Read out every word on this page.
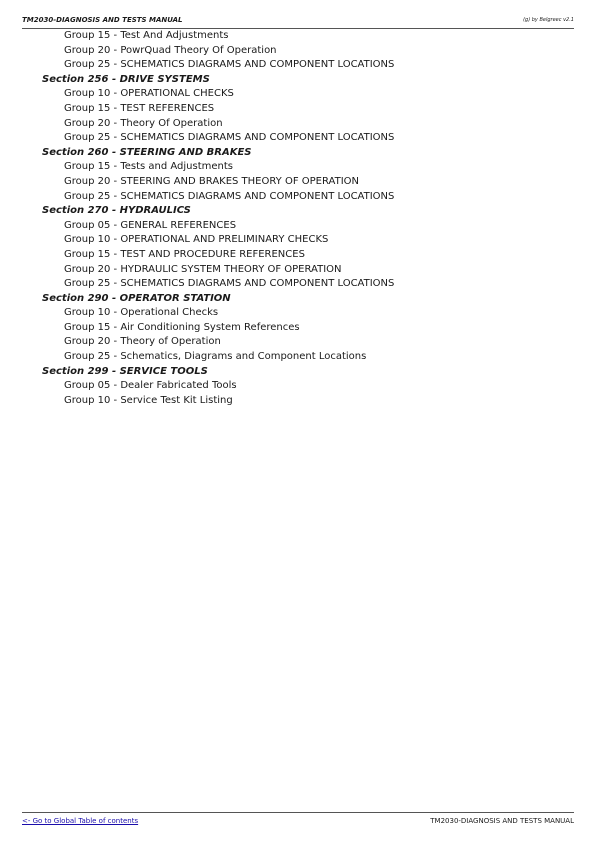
TM2030-DIAGNOSIS AND TESTS MANUAL	(g) by Belgreec v2.1
Group 15 - Test And Adjustments
Group 20 - PowrQuad Theory Of Operation
Group 25 - SCHEMATICS DIAGRAMS AND COMPONENT LOCATIONS
Section 256 - DRIVE SYSTEMS
Group 10 - OPERATIONAL CHECKS
Group 15 - TEST REFERENCES
Group 20 - Theory Of Operation
Group 25 - SCHEMATICS DIAGRAMS AND COMPONENT LOCATIONS
Section 260 - STEERING AND BRAKES
Group 15 - Tests and Adjustments
Group 20 - STEERING AND BRAKES THEORY OF OPERATION
Group 25 - SCHEMATICS DIAGRAMS AND COMPONENT LOCATIONS
Section 270 - HYDRAULICS
Group 05 - GENERAL REFERENCES
Group 10 - OPERATIONAL AND PRELIMINARY CHECKS
Group 15 - TEST AND PROCEDURE REFERENCES
Group 20 - HYDRAULIC SYSTEM THEORY OF OPERATION
Group 25 - SCHEMATICS DIAGRAMS AND COMPONENT LOCATIONS
Section 290 - OPERATOR STATION
Group 10 - Operational Checks
Group 15 - Air Conditioning System References
Group 20 - Theory of Operation
Group 25 - Schematics, Diagrams and Component Locations
Section 299 - SERVICE TOOLS
Group 05 - Dealer Fabricated Tools
Group 10 - Service Test Kit Listing
<- Go to Global Table of contents	TM2030-DIAGNOSIS AND TESTS MANUAL
